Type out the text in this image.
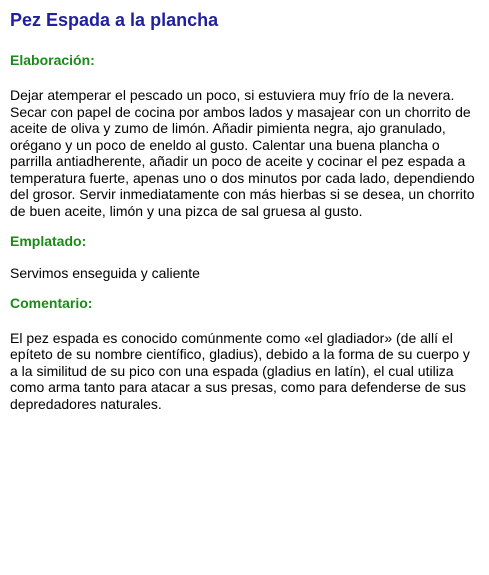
Pez Espada a la plancha
Elaboración:

Dejar atemperar el pescado un poco, si estuviera muy frío de la nevera. Secar con papel de cocina por ambos lados y masajear con un chorrito de aceite de oliva y zumo de limón. Añadir pimienta negra, ajo granulado, orégano y un poco de eneldo al gusto. Calentar una buena plancha o parrilla antiadherente, añadir un poco de aceite y cocinar el pez espada a temperatura fuerte, apenas uno o dos minutos por cada lado, dependiendo del grosor. Servir inmediatamente con más hierbas si se desea, un chorrito de buen aceite, limón y una pizca de sal gruesa al gusto.

Emplatado:

Servimos enseguida y caliente

Comentario:

El pez espada es conocido comúnmente como «el gladiador» (de allí el epíteto de su nombre científico, gladius), debido a la forma de su cuerpo y a la similitud de su pico con una espada (gladius en latín), el cual utiliza como arma tanto para atacar a sus presas, como para defenderse de sus depredadores naturales.
